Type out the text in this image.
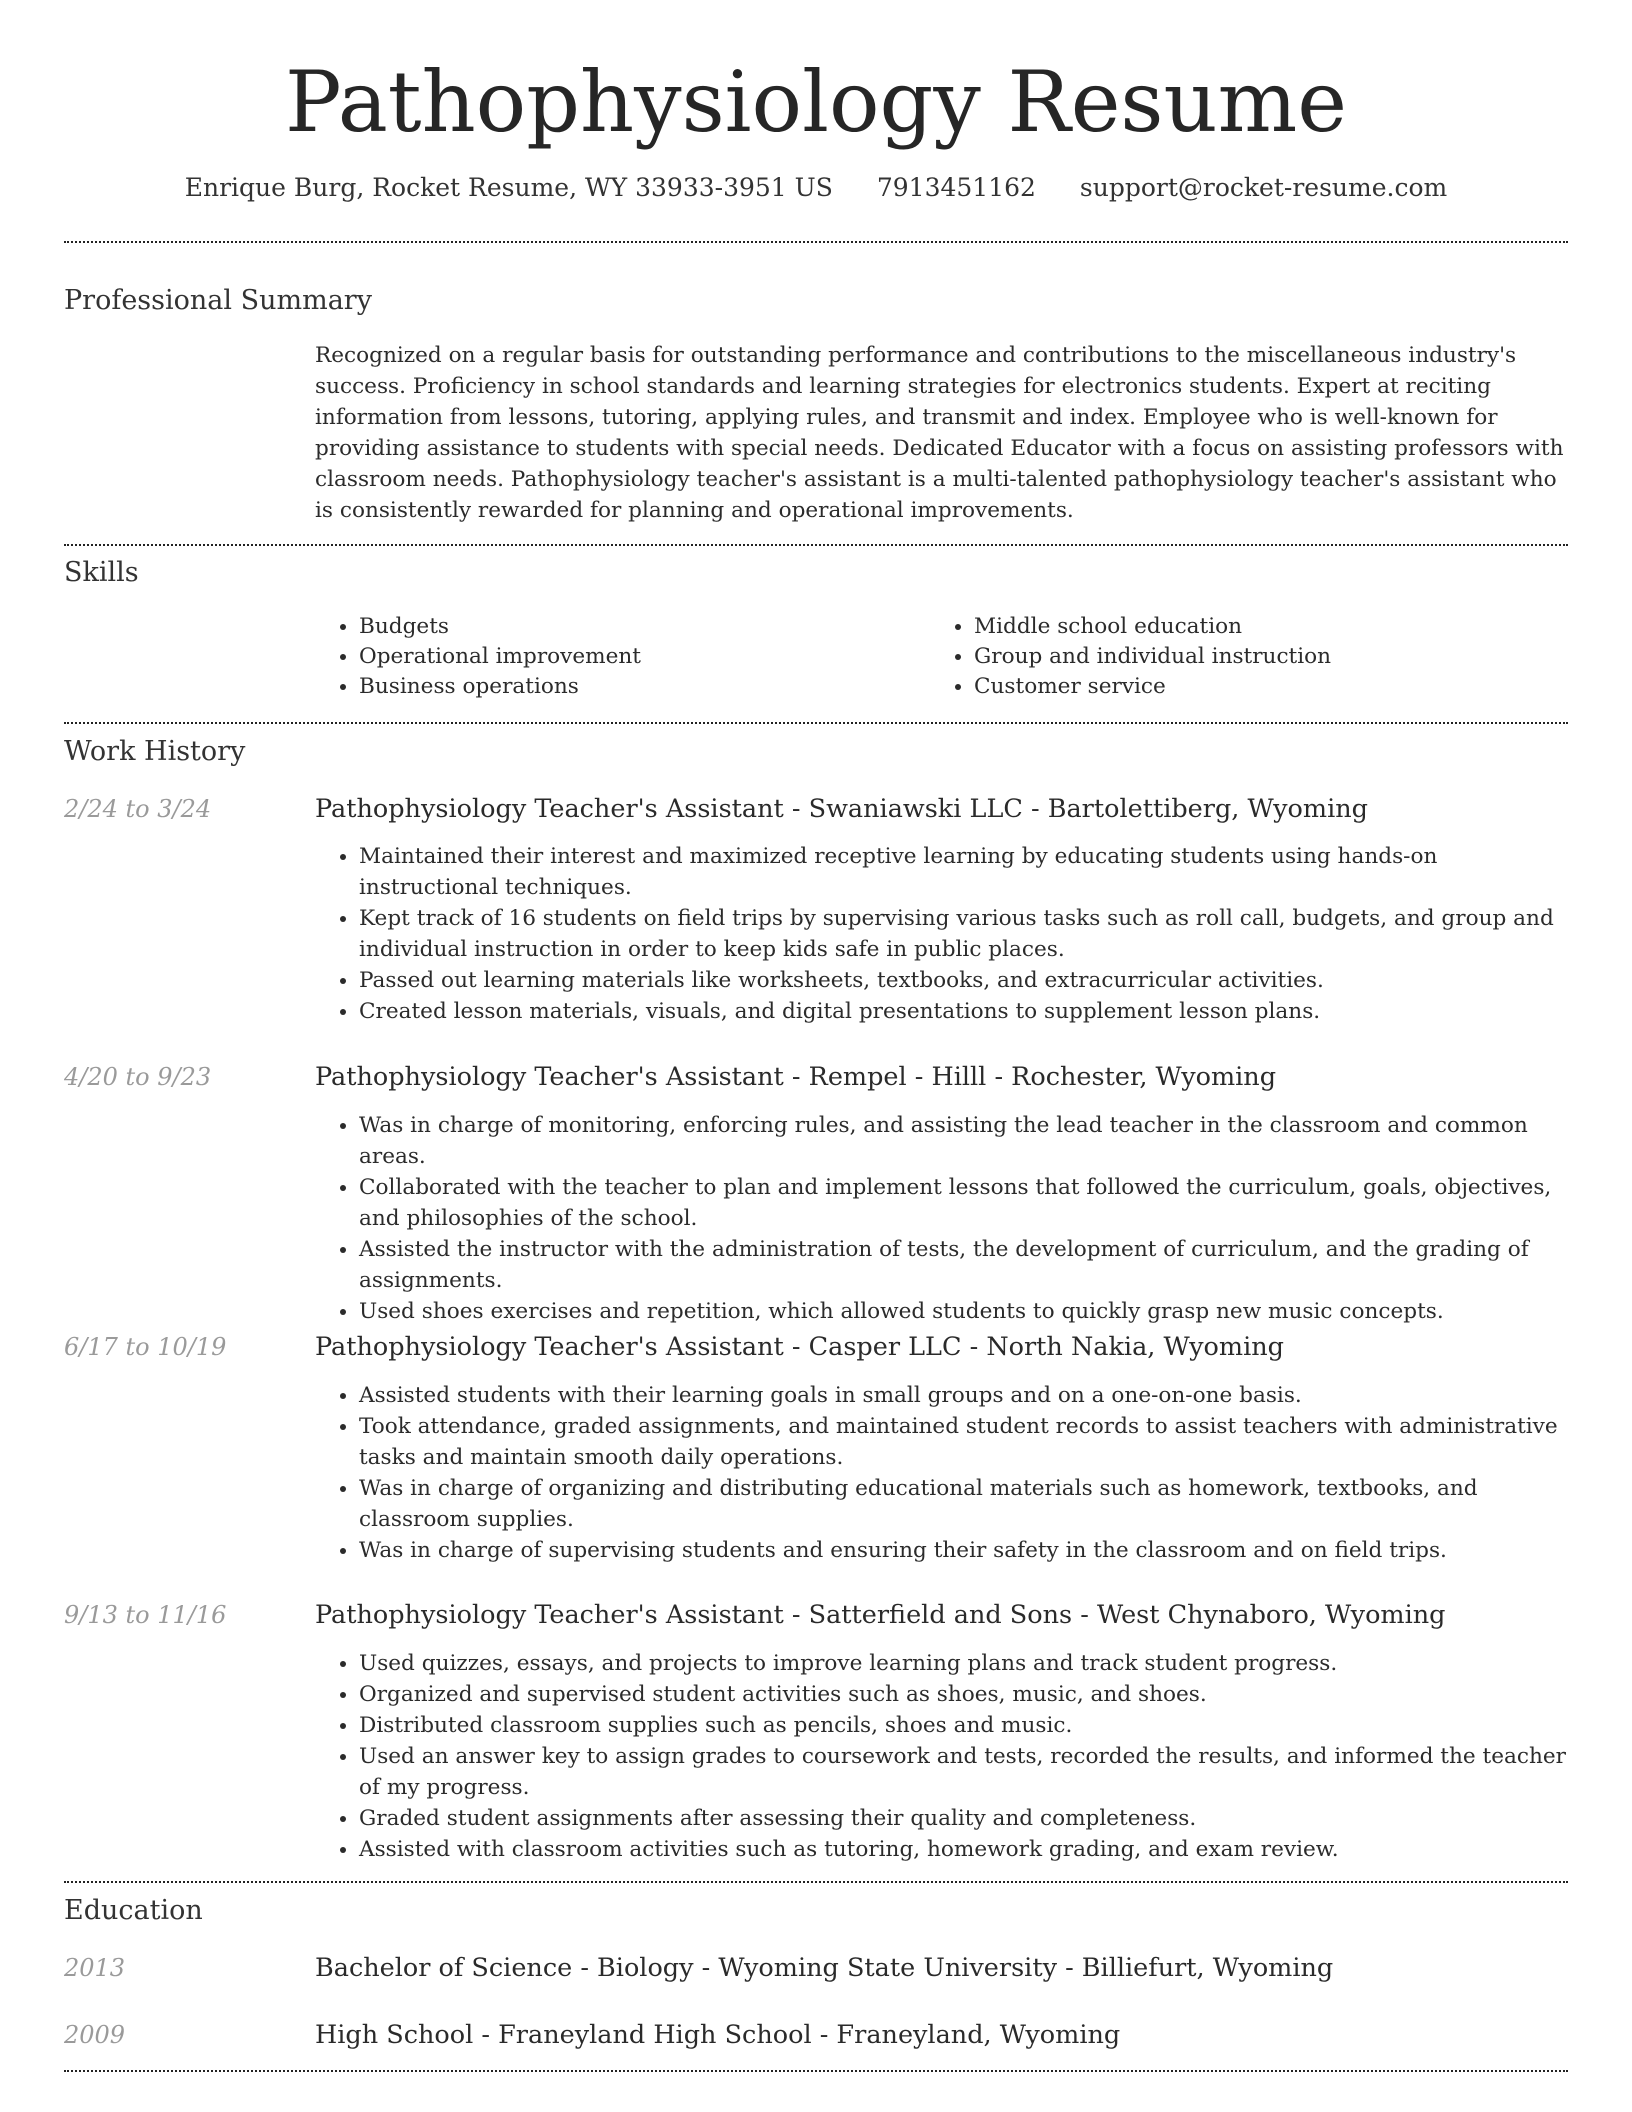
Pathophysiology Resume
Enrique Burg, Rocket Resume, WY 33933-3951 US 7913451162 support@rocket-resume.com
Professional Summary
Recognized on a regular basis for outstanding performance and contributions to the miscellaneous industry's success. Proficiency in school standards and learning strategies for electronics students. Expert at reciting information from lessons, tutoring, applying rules, and transmit and index. Employee who is well-known for providing assistance to students with special needs. Dedicated Educator with a focus on assisting professors with classroom needs. Pathophysiology teacher's assistant is a multi-talented pathophysiology teacher's assistant who is consistently rewarded for planning and operational improvements.
Skills
• Budgets
• Operational improvement
• Business operations
• Middle school education
• Group and individual instruction
• Customer service
Work History
2/24 to 3/24	Pathophysiology Teacher's Assistant - Swaniawski LLC - Bartolettiberg, Wyoming
• Maintained their interest and maximized receptive learning by educating students using hands-on instructional techniques.
• Kept track of 16 students on field trips by supervising various tasks such as roll call, budgets, and group and individual instruction in order to keep kids safe in public places.
• Passed out learning materials like worksheets, textbooks, and extracurricular activities.
• Created lesson materials, visuals, and digital presentations to supplement lesson plans.
4/20 to 9/23	Pathophysiology Teacher's Assistant - Rempel - Hilll - Rochester, Wyoming
• Was in charge of monitoring, enforcing rules, and assisting the lead teacher in the classroom and common areas.
• Collaborated with the teacher to plan and implement lessons that followed the curriculum, goals, objectives, and philosophies of the school.
• Assisted the instructor with the administration of tests, the development of curriculum, and the grading of assignments.
• Used shoes exercises and repetition, which allowed students to quickly grasp new music concepts.
6/17 to 10/19	Pathophysiology Teacher's Assistant - Casper LLC - North Nakia, Wyoming
• Assisted students with their learning goals in small groups and on a one-on-one basis.
• Took attendance, graded assignments, and maintained student records to assist teachers with administrative tasks and maintain smooth daily operations.
• Was in charge of organizing and distributing educational materials such as homework, textbooks, and classroom supplies.
• Was in charge of supervising students and ensuring their safety in the classroom and on field trips.
9/13 to 11/16	Pathophysiology Teacher's Assistant - Satterfield and Sons - West Chynaboro, Wyoming
• Used quizzes, essays, and projects to improve learning plans and track student progress.
• Organized and supervised student activities such as shoes, music, and shoes.
• Distributed classroom supplies such as pencils, shoes and music.
• Used an answer key to assign grades to coursework and tests, recorded the results, and informed the teacher of my progress.
• Graded student assignments after assessing their quality and completeness.
• Assisted with classroom activities such as tutoring, homework grading, and exam review.
Education
2013	Bachelor of Science - Biology - Wyoming State University - Billiefurt, Wyoming
2009	High School - Franeyland High School - Franeyland, Wyoming
